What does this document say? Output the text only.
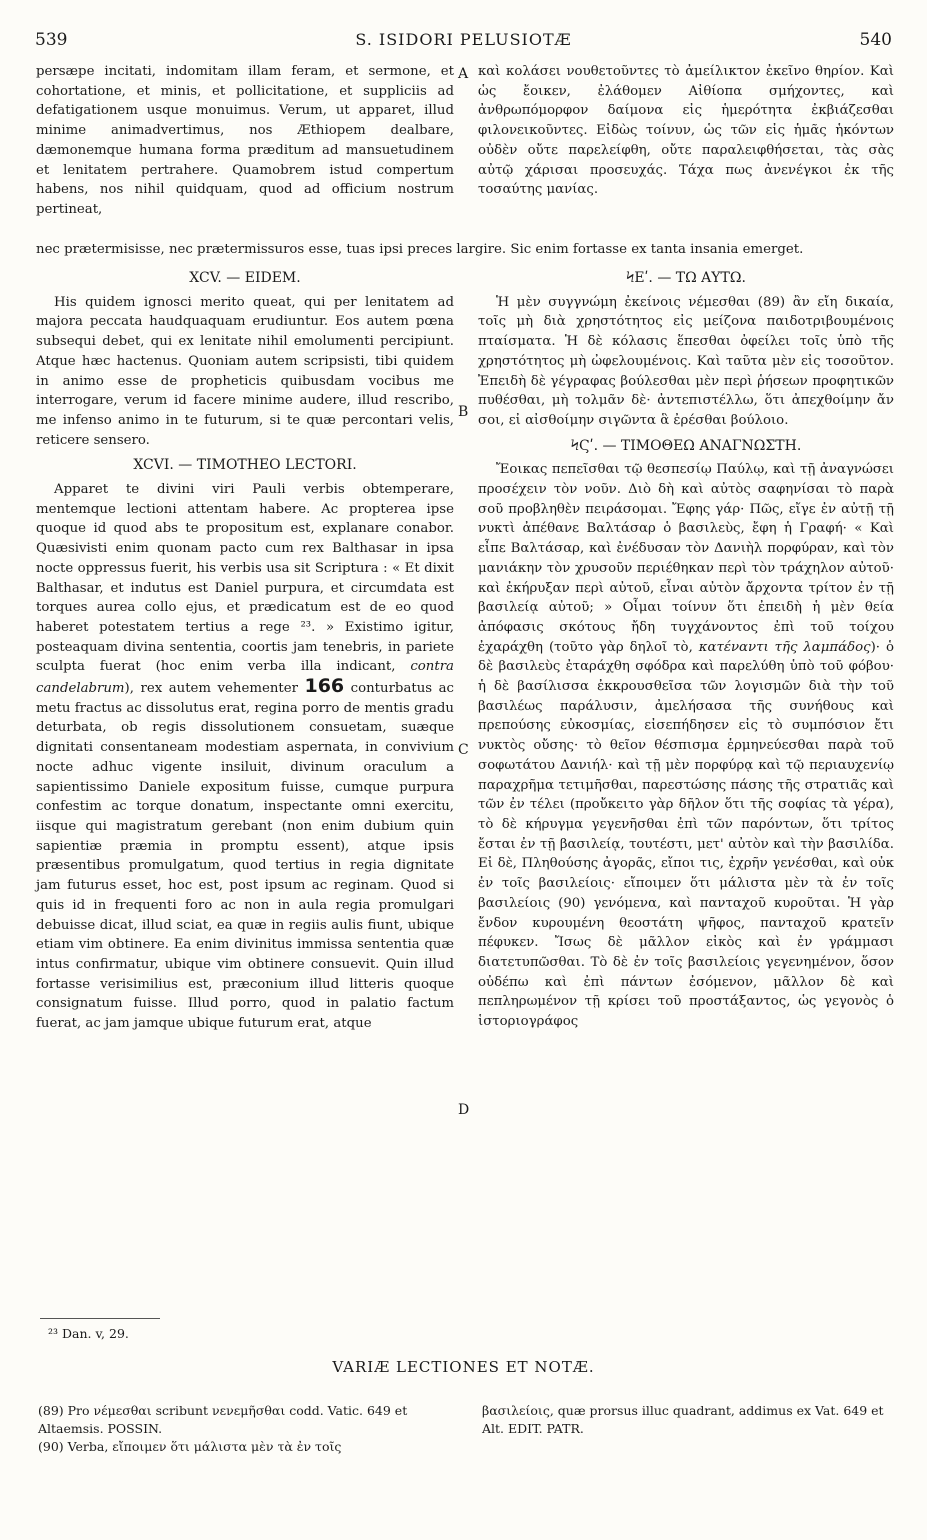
539	S. ISIDORI PELUSIOTÆ	540

persæpe incitati, indomitam illam feram, et sermone, et cohortatione, et minis, et pollicitatione, et suppliciis ad defatigationem usque monuimus. Verum, ut apparet, illud minime animadvertimus, nos Æthiopem dealbare, dæmonemque humana forma præditum ad mansuetudinem et lenitatem pertrahere. Quamobrem istud compertum habens, nos nihil quidquam, quod ad officium nostrum pertineat,

XCV. — EIDEM.

His quidem ignosci merito queat, qui per lenitatem ad majora peccata haudquaquam erudiuntur. Eos autem pœna subsequi debet, qui ex lenitate nihil emolumenti percipiunt. Atque hæc hactenus. Quoniam autem scripsisti, tibi quidem in animo esse de propheticis quibusdam vocibus me interrogare, verum id facere minime audere, illud rescribo, me infenso animo in te futurum, si te quæ percontari velis, reticere sensero.

XCVI. — TIMOTHEO LECTORI.

Apparet te divini viri Pauli verbis obtemperare, mentemque lectioni attentam habere. Ac propterea ipse quoque id quod abs te propositum est, explanare conabor. Quæsivisti enim quonam pacto cum rex Balthasar in ipsa nocte oppressus fuerit, his verbis usa sit Scriptura : « Et dixit Balthasar, et indutus est Daniel purpura, et circumdata est torques aurea collo ejus, et prædicatum est de eo quod haberet potestatem tertius a rege ²³. » Existimo igitur, posteaquam divina sententia, coortis jam tenebris, in pariete sculpta fuerat (hoc enim verba illa indicant, contra candelabrum), rex autem vehementer 166 conturbatus ac metu fractus ac dissolutus erat, regina porro de mentis gradu deturbata, ob regis dissolutionem consuetam, suæque dignitati consentaneam modestiam aspernata, in convivium nocte adhuc vigente insiluit, divinum oraculum a sapientissimo Daniele expositum fuisse, cumque purpura confestim ac torque donatum, inspectante omni exercitu, iisque qui magistratum gerebant (non enim dubium quin sapientiæ præmia in promptu essent), atque ipsis præsentibus promulgatum, quod tertius in regia dignitate jam futurus esset, hoc est, post ipsum ac reginam. Quod si quis id in frequenti foro ac non in aula regia promulgari debuisse dicat, illud sciat, ea quæ in regiis aulis fiunt, ubique etiam vim obtinere. Ea enim divinitus immissa sententia quæ intus confirmatur, ubique vim obtinere consuevit. Quin illud fortasse verisimilius est, præconium illud litteris quoque consignatum fuisse. Illud porro, quod in palatio factum fuerat, ac jam jamque ubique futurum erat, atque

nec prætermisisse, nec prætermissuros esse, tuas ipsi preces largire. Sic enim fortasse ex tanta insania emerget.

καὶ κολάσει νουθετοῦντες τὸ ἀμείλικτον ἐκεῖνο θηρίον. Καὶ ὡς ἔοικεν, ἐλάθομεν Αἰθίοπα σμήχοντες, καὶ ἀνθρωπόμορφον δαίμονα εἰς ἡμερότητα ἐκβιάζεσθαι φιλονεικοῦντες. Εἰδὼς τοίνυν, ὡς τῶν εἰς ἡμᾶς ἡκόντων οὐδὲν οὔτε παρελείφθη, οὔτε παραλειφθήσεται, τὰς σὰς αὐτῷ χάρισαι προσευχάς. Τάχα πως ἀνενέγκοι ἐκ τῆς τοσαύτης μανίας.

ϞΕʹ. — ΤΩ ΑΥΤΩ.

Ἡ μὲν συγγνώμη ἐκείνοις νέμεσθαι (89) ἂν εἴη δικαία, τοῖς μὴ διὰ χρηστότητος εἰς μείζονα παιδοτριβουμένοις πταίσματα. Ἡ δὲ κόλασις ἕπεσθαι ὀφείλει τοῖς ὑπὸ τῆς χρηστότητος μὴ ὠφελουμένοις. Καὶ ταῦτα μὲν εἰς τοσοῦτον. Ἐπειδὴ δὲ γέγραφας βούλεσθαι μὲν περὶ ῥήσεων προφητικῶν πυθέσθαι, μὴ τολμᾶν δὲ· ἀντεπιστέλλω, ὅτι ἀπεχθοίμην ἄν σοι, εἰ αἰσθοίμην σιγῶντα ἃ ἐρέσθαι βούλοιο.

ϞϚʹ. — ΤΙΜΟΘΕΩ ΑΝΑΓΝΩΣΤΗ.

Ἔοικας πεπεῖσθαι τῷ θεσπεσίῳ Παύλῳ, καὶ τῇ ἀναγνώσει προσέχειν τὸν νοῦν. Διὸ δὴ καὶ αὐτὸς σαφηνίσαι τὸ παρὰ σοῦ προβληθὲν πειράσομαι. Ἔφης γάρ· Πῶς, εἴγε ἐν αὐτῇ τῇ νυκτὶ ἀπέθανε Βαλτάσαρ ὁ βασιλεὺς, ἔφη ἡ Γραφή· « Καὶ εἶπε Βαλτάσαρ, καὶ ἐνέδυσαν τὸν Δανιὴλ πορφύραν, καὶ τὸν μανιάκην τὸν χρυσοῦν περιέθηκαν περὶ τὸν τράχηλον αὐτοῦ· καὶ ἐκήρυξαν περὶ αὐτοῦ, εἶναι αὐτὸν ἄρχοντα τρίτον ἐν τῇ βασιλείᾳ αὐτοῦ; » Οἶμαι τοίνυν ὅτι ἐπειδὴ ἡ μὲν θεία ἀπόφασις σκότους ἤδη τυγχάνοντος ἐπὶ τοῦ τοίχου ἐχαράχθη (τοῦτο γὰρ δηλοῖ τὸ, κατέναντι τῆς λαμπάδος)· ὁ δὲ βασιλεὺς ἐταράχθη σφόδρα καὶ παρελύθη ὑπὸ τοῦ φόβου· ἡ δὲ βασίλισσα ἐκκρουσθεῖσα τῶν λογισμῶν διὰ τὴν τοῦ βασιλέως παράλυσιν, ἀμελήσασα τῆς συνήθους καὶ πρεπούσης εὐκοσμίας, εἰσεπήδησεν εἰς τὸ συμπόσιον ἔτι νυκτὸς οὔσης· τὸ θεῖον θέσπισμα ἑρμηνεύεσθαι παρὰ τοῦ σοφωτάτου Δανιήλ· καὶ τῇ μὲν πορφύρᾳ καὶ τῷ περιαυχενίῳ παραχρῆμα τετιμῆσθαι, παρεστώσης πάσης τῆς στρατιᾶς καὶ τῶν ἐν τέλει (προὔκειτο γὰρ δῆλον ὅτι τῆς σοφίας τὰ γέρα), τὸ δὲ κήρυγμα γεγενῆσθαι ἐπὶ τῶν παρόντων, ὅτι τρίτος ἔσται ἐν τῇ βασιλείᾳ, τουτέστι, μετ' αὐτὸν καὶ τὴν βασιλίδα. Εἰ δὲ, Πληθούσης ἀγορᾶς, εἴποι τις, ἐχρῆν γενέσθαι, καὶ οὐκ ἐν τοῖς βασιλείοις· εἴποιμεν ὅτι μάλιστα μὲν τὰ ἐν τοῖς βασιλείοις (90) γενόμενα, καὶ πανταχοῦ κυροῦται. Ἡ γὰρ ἔνδον κυρουμένη θεοστάτη ψῆφος, πανταχοῦ κρατεῖν πέφυκεν. Ἴσως δὲ μᾶλλον εἰκὸς καὶ ἐν γράμμασι διατετυπῶσθαι. Τὸ δὲ ἐν τοῖς βασιλείοις γεγενημένον, ὅσον οὐδέπω καὶ ἐπὶ πάντων ἐσόμενον, μᾶλλον δὲ καὶ πεπληρωμένον τῇ κρίσει τοῦ προστάξαντος, ὡς γεγονὸς ὁ ἱστοριογράφος

A
B
C
D
²³ Dan. v, 29.
VARIÆ LECTIONES ET NOTÆ.

(89) Pro νέμεσθαι scribunt νενεμῆσθαι codd. Vatic. 649 et Altaemsis. POSSIN.

(90) Verba, εἴποιμεν ὅτι μάλιστα μὲν τὰ ἐν τοῖς

βασιλείοις, quæ prorsus illuc quadrant, addimus ex Vat. 649 et Alt. EDIT. PATR.
